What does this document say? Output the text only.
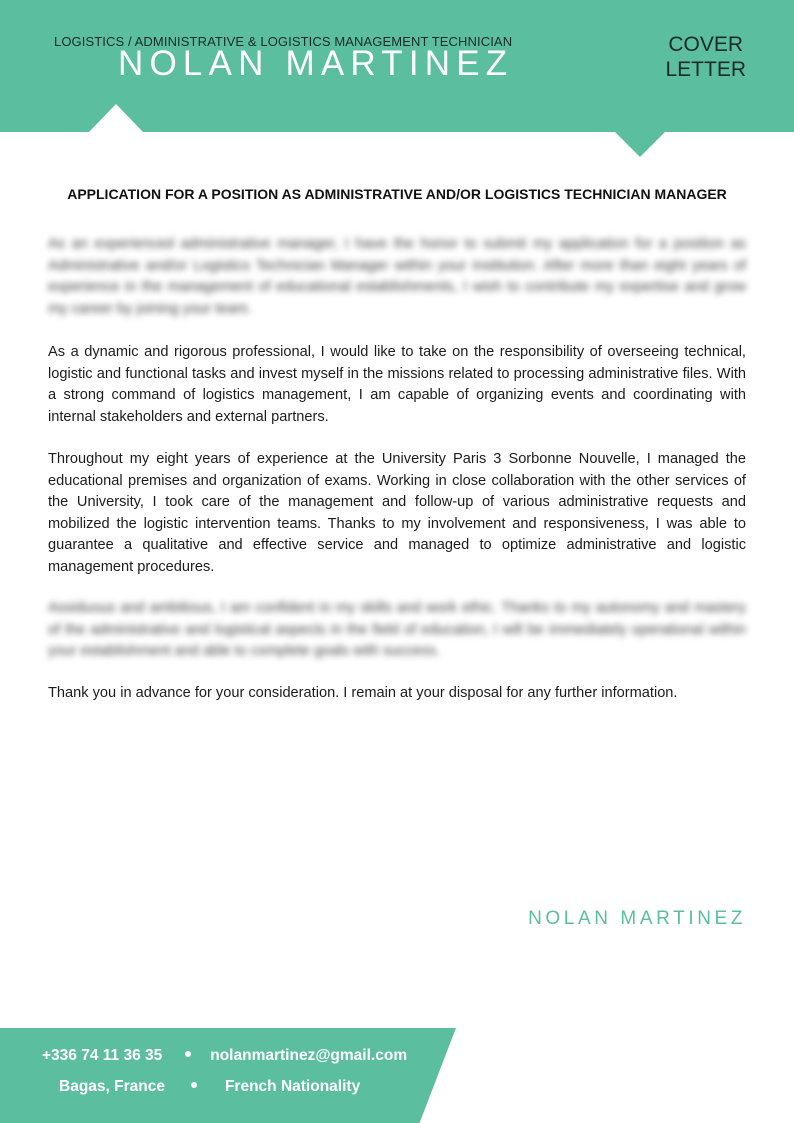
LOGISTICS / ADMINISTRATIVE & LOGISTICS MANAGEMENT TECHNICIAN
NOLAN MARTINEZ	COVER
LETTER
APPLICATION FOR A POSITION AS ADMINISTRATIVE AND/OR LOGISTICS TECHNICIAN MANAGER

As an experienced administrative manager, I have the honor to submit my application for a position as Administrative and/or Logistics Technician Manager within your institution. After more than eight years of experience in the management of educational establishments, I wish to contribute my expertise and grow my career by joining your team.

As a dynamic and rigorous professional, I would like to take on the responsibility of overseeing technical, logistic and functional tasks and invest myself in the missions related to processing administrative files. With a strong command of logistics management, I am capable of organizing events and coordinating with internal stakeholders and external partners.

Throughout my eight years of experience at the University Paris 3 Sorbonne Nouvelle, I managed the educational premises and organization of exams. Working in close collaboration with the other services of the University, I took care of the management and follow-up of various administrative requests and mobilized the logistic intervention teams. Thanks to my involvement and responsiveness, I was able to guarantee a qualitative and effective service and managed to optimize administrative and logistic management procedures.

Assiduous and ambitious, I am confident in my skills and work ethic. Thanks to my autonomy and mastery of the administrative and logistical aspects in the field of education, I will be immediately operational within your establishment and able to complete goals with success.

Thank you in advance for your consideration. I remain at your disposal for any further information.

NOLAN MARTINEZ
+336 74 11 36 35	nolanmartinez@gmail.com
Bagas, France	French Nationality
